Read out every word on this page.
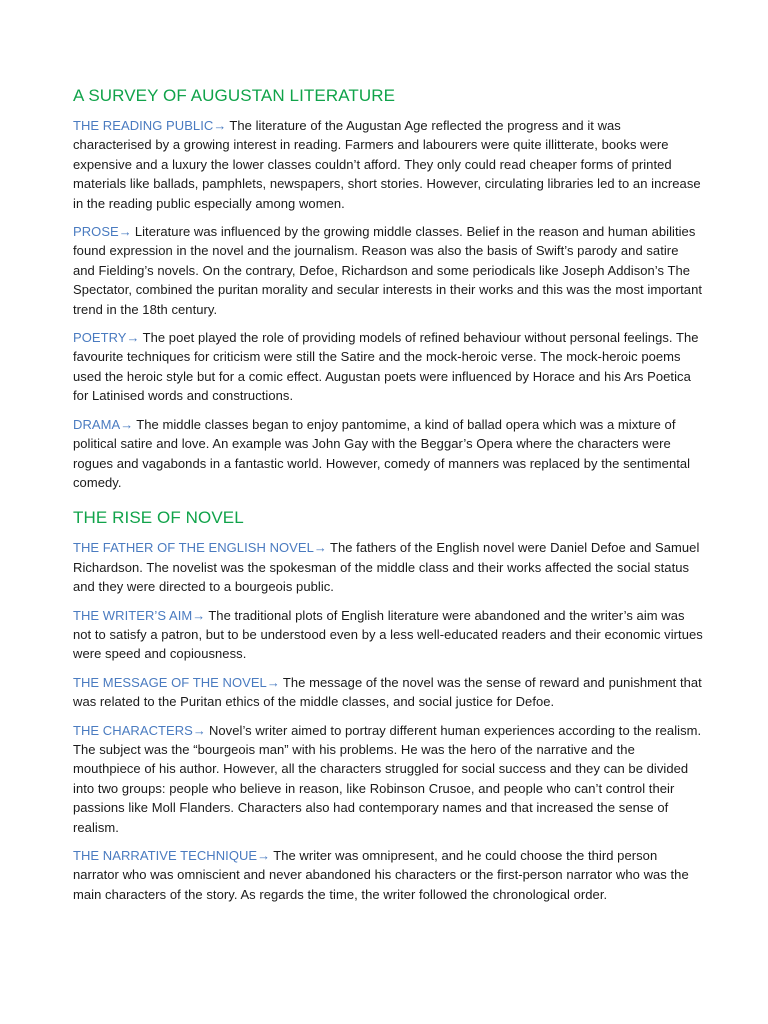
A SURVEY OF AUGUSTAN LITERATURE

THE READING PUBLIC→ The literature of the Augustan Age reflected the progress and it was characterised by a growing interest in reading. Farmers and labourers were quite illitterate, books were expensive and a luxury the lower classes couldn’t afford. They only could read cheaper forms of printed materials like ballads, pamphlets, newspapers, short stories. However, circulating libraries led to an increase in the reading public especially among women.

PROSE→ Literature was influenced by the growing middle classes. Belief in the reason and human abilities found expression in the novel and the journalism. Reason was also the basis of Swift’s parody and satire and Fielding’s novels. On the contrary, Defoe, Richardson and some periodicals like Joseph Addison’s The Spectator, combined the puritan morality and secular interests in their works and this was the most important trend in the 18th century.

POETRY→ The poet played the role of providing models of refined behaviour without personal feelings. The favourite techniques for criticism were still the Satire and the mock-heroic verse. The mock-heroic poems used the heroic style but for a comic effect. Augustan poets were influenced by Horace and his Ars Poetica for Latinised words and constructions.

DRAMA→ The middle classes began to enjoy pantomime, a kind of ballad opera which was a mixture of political satire and love. An example was John Gay with the Beggar’s Opera where the characters were rogues and vagabonds in a fantastic world. However, comedy of manners was replaced by the sentimental comedy.

THE RISE OF NOVEL

THE FATHER OF THE ENGLISH NOVEL→ The fathers of the English novel were Daniel Defoe and Samuel Richardson. The novelist was the spokesman of the middle class and their works affected the social status and they were directed to a bourgeois public.

THE WRITER’S AIM→ The traditional plots of English literature were abandoned and the writer’s aim was not to satisfy a patron, but to be understood even by a less well-educated readers and their economic virtues were speed and copiousness.

THE MESSAGE OF THE NOVEL→ The message of the novel was the sense of reward and punishment that was related to the Puritan ethics of the middle classes, and social justice for Defoe.

THE CHARACTERS→ Novel’s writer aimed to portray different human experiences according to the realism. The subject was the “bourgeois man” with his problems. He was the hero of the narrative and the mouthpiece of his author. However, all the characters struggled for social success and they can be divided into two groups: people who believe in reason, like Robinson Crusoe, and people who can’t control their passions like Moll Flanders. Characters also had contemporary names and that increased the sense of realism.

THE NARRATIVE TECHNIQUE→ The writer was omnipresent, and he could choose the third person narrator who was omniscient and never abandoned his characters or the first-person narrator who was the main characters of the story. As regards the time, the writer followed the chronological order.
